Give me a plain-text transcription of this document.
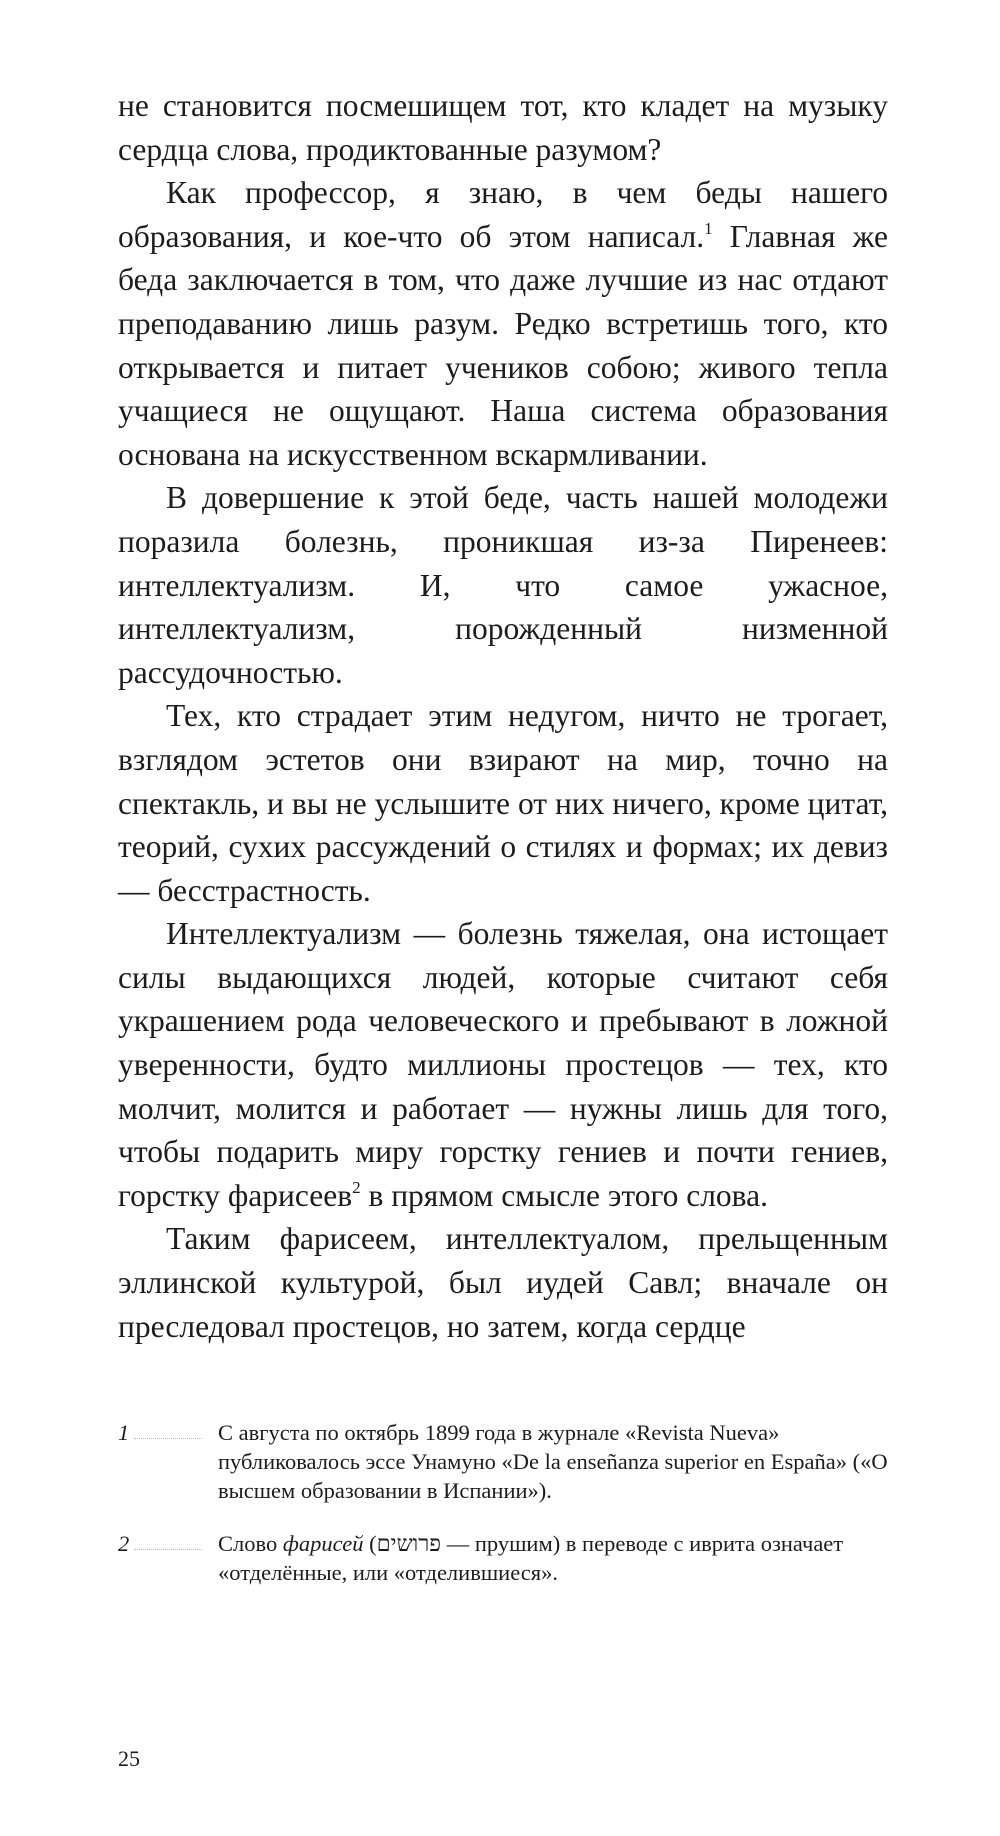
не становится посмешищем тот, кто кладет на музыку сердца слова, продиктованные разумом?

Как профессор, я знаю, в чем беды нашего образования, и кое-что об этом написал.$^1$ Главная же беда заключается в том, что даже лучшие из нас отдают преподаванию лишь разум. Редко встретишь того, кто открывается и питает учеников собою; живого тепла учащиеся не ощущают. Наша система образования основана на искусственном вскармливании.

В довершение к этой беде, часть нашей молодежи поразила болезнь, проникшая из-за Пиренеев: интеллектуализм. И, что самое ужасное, интеллектуализм, порожденный низменной рассудочностью.

Тех, кто страдает этим недугом, ничто не трогает, взглядом эстетов они взирают на мир, точно на спектакль, и вы не услышите от них ничего, кроме цитат, теорий, сухих рассуждений о стилях и формах; их девиз — бесстрастность.

Интеллектуализм — болезнь тяжелая, она истощает силы выдающихся людей, которые считают себя украшением рода человеческого и пребывают в ложной уверенности, будто миллионы простецов — тех, кто молчит, молится и работает — нужны лишь для того, чтобы подарить миру горстку гениев и почти гениев, горстку фарисеев$^2$ в прямом смысле этого слова.

Таким фарисеем, интеллектуалом, прельщенным эллинской культурой, был иудей Савл; вначале он преследовал простецов, но затем, когда сердце

1	С августа по октябрь 1899 года в журнале «Revista Nueva» публиковалось эссе Унамуно «De la enseñanza superior en España» («О высшем образовании в Испании»).

2	Слово фарисей (פרושים — прушим) в переводе с иврита означает «отделённые, или «отделившиеся».

25
